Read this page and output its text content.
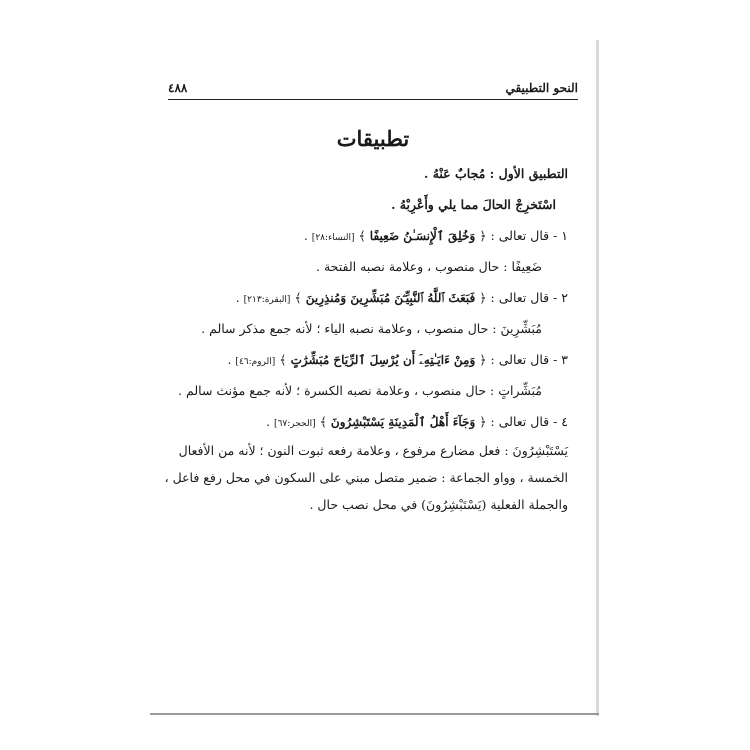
النحو التطبيقي
٤٨٨
تطبيقات
التطبيق الأول : مُجابٌ عَنْهُ .
اسْتَخرِجْ الحالَ مما يلي وأَعْرِبْهُ .
١ - قال تعالى : ﴿ وَخُلِقَ ٱلْإِنسَـٰنُ ضَعِيفًا ﴾ [النساء:٢٨] .
ضَعِيفًا : حال منصوب ، وعلامة نصبه الفتحة .
٢ - قال تعالى : ﴿ فَبَعَثَ ٱللَّهُ ٱلنَّبِيِّـۧنَ مُبَشِّرِينَ وَمُنذِرِينَ ﴾ [البقرة:٢١٣] .
مُبَشِّرِينَ : حال منصوب ، وعلامة نصبه الياء ؛ لأنه جمع مذكر سالم .
٣ - قال تعالى : ﴿ وَمِنْ ءَايَـٰتِهِۦٓ أَن يُرْسِلَ ٱلرِّيَاحَ مُبَشِّرَٰتٍ ﴾ [الروم:٤٦] .
مُبَشِّراتٍ : حال منصوب ، وعلامة نصبه الكسرة ؛ لأنه جمع مؤنث سالم .
٤ - قال تعالى : ﴿ وَجَآءَ أَهْلُ ٱلْمَدِينَةِ يَسْتَبْشِرُونَ ﴾ [الحجر:٦٧] .
يَسْتَبْشِرُونَ : فعل مضارع مرفوع ، وعلامة رفعه ثبوت النون ؛ لأنه من الأفعال
الخمسة ، وواو الجماعة : ضمير متصل مبني على السكون في محل رفع فاعل ،
والجملة الفعلية (يَسْتَبْشِرُونَ) في محل نصب حال .
